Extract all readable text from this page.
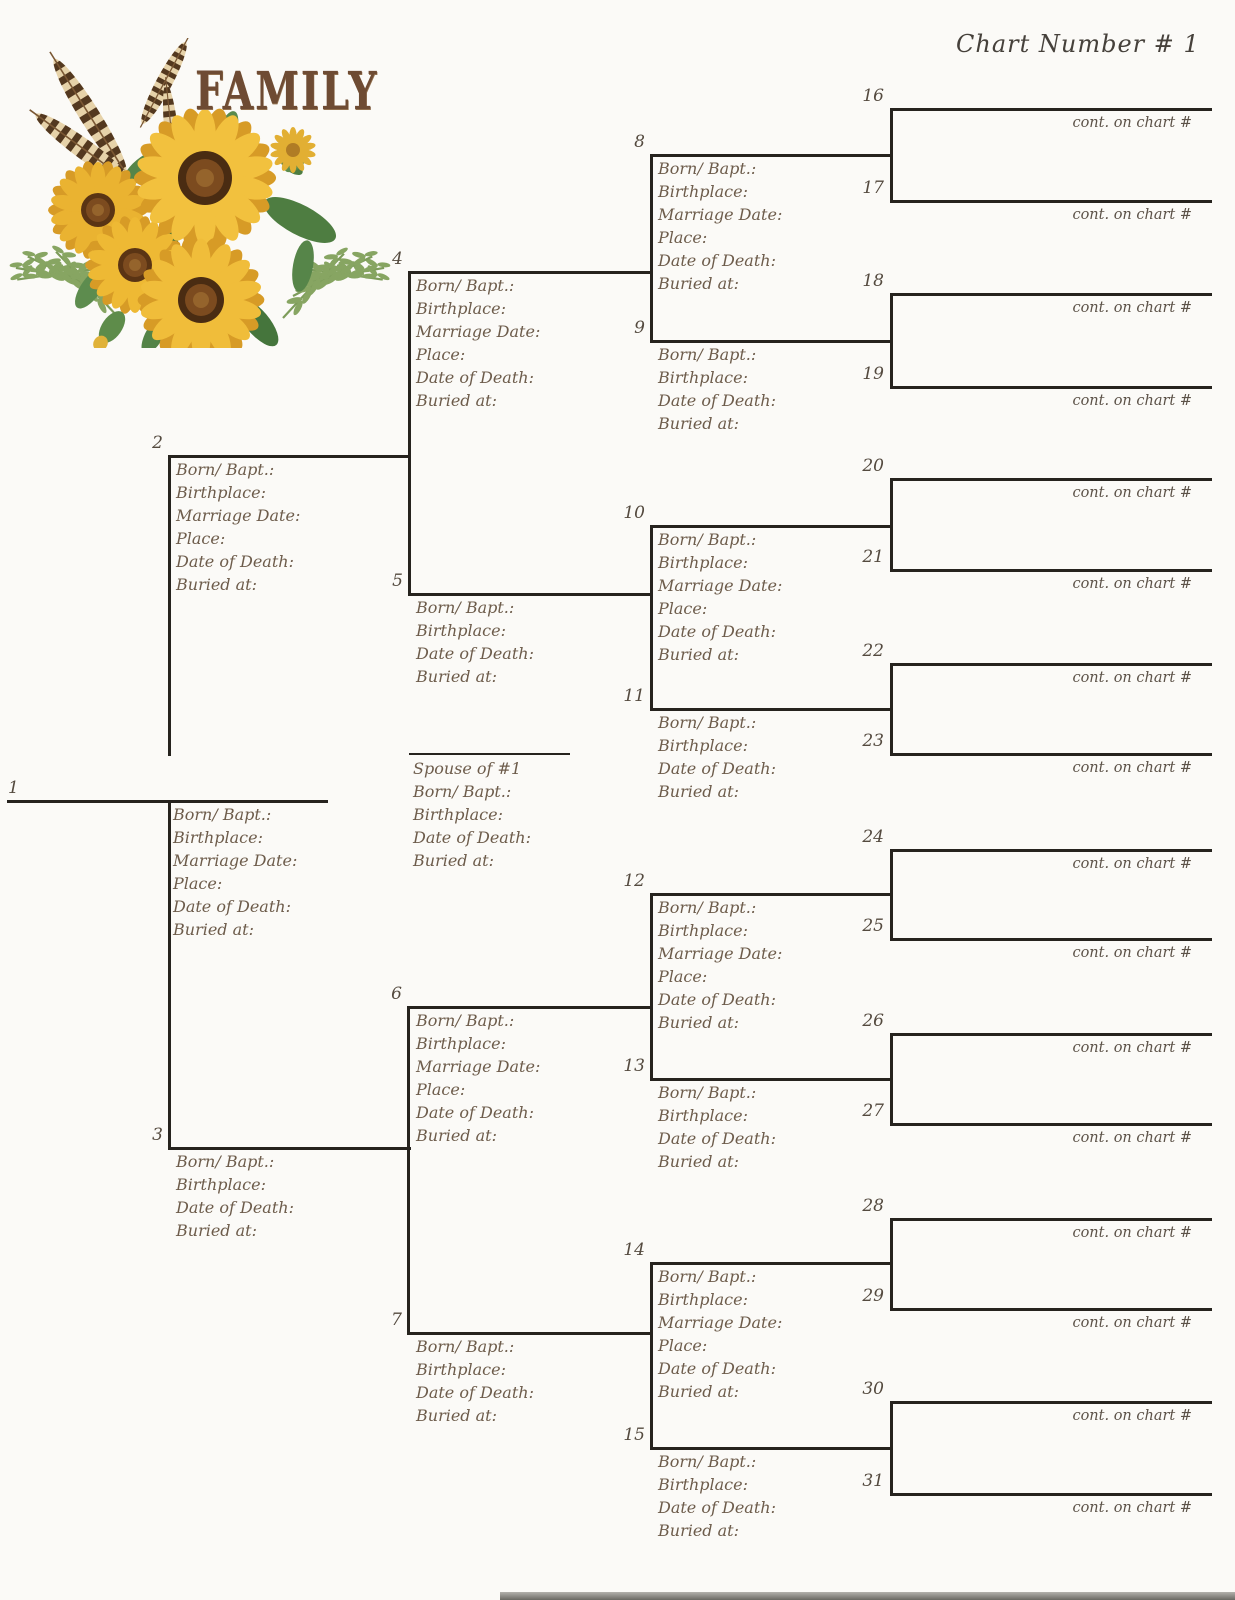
FAMILY
Chart Number # 1
1
Born/ Bapt.:
Birthplace:
Marriage Date:
Place:
Date of Death:
Buried at:
Spouse of #1
Born/ Bapt.:
Birthplace:
Date of Death:
Buried at:
2
Born/ Bapt.:
Birthplace:
Marriage Date:
Place:
Date of Death:
Buried at:
3
Born/ Bapt.:
Birthplace:
Date of Death:
Buried at:
4
Born/ Bapt.:
Birthplace:
Marriage Date:
Place:
Date of Death:
Buried at:
5
Born/ Bapt.:
Birthplace:
Date of Death:
Buried at:
6
Born/ Bapt.:
Birthplace:
Marriage Date:
Place:
Date of Death:
Buried at:
7
Born/ Bapt.:
Birthplace:
Date of Death:
Buried at:
8
Born/ Bapt.:
Birthplace:
Marriage Date:
Place:
Date of Death:
Buried at:
9
Born/ Bapt.:
Birthplace:
Date of Death:
Buried at:
10
Born/ Bapt.:
Birthplace:
Marriage Date:
Place:
Date of Death:
Buried at:
11
Born/ Bapt.:
Birthplace:
Date of Death:
Buried at:
12
Born/ Bapt.:
Birthplace:
Marriage Date:
Place:
Date of Death:
Buried at:
13
Born/ Bapt.:
Birthplace:
Date of Death:
Buried at:
14
Born/ Bapt.:
Birthplace:
Marriage Date:
Place:
Date of Death:
Buried at:
15
Born/ Bapt.:
Birthplace:
Date of Death:
Buried at:
16
cont. on chart #
17
cont. on chart #
18
cont. on chart #
19
cont. on chart #
20
cont. on chart #
21
cont. on chart #
22
cont. on chart #
23
cont. on chart #
24
cont. on chart #
25
cont. on chart #
26
cont. on chart #
27
cont. on chart #
28
cont. on chart #
29
cont. on chart #
30
cont. on chart #
31
cont. on chart #
